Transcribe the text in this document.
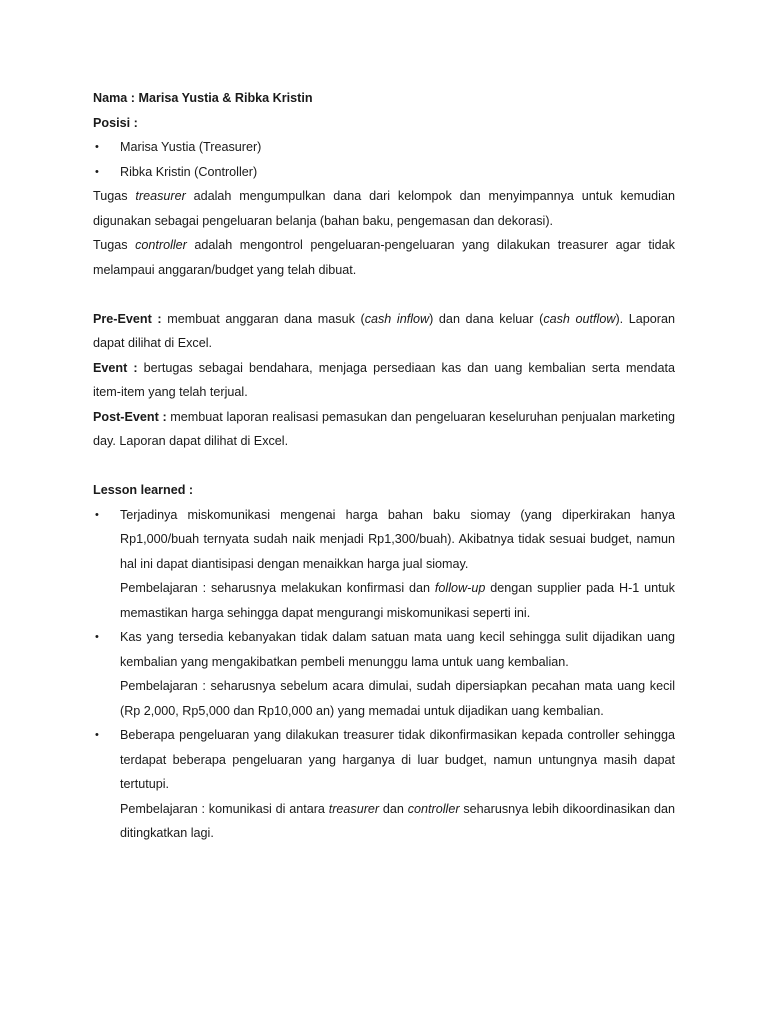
Nama : Marisa Yustia & Ribka Kristin

Posisi :

• Marisa Yustia (Treasurer)
• Ribka Kristin (Controller)

Tugas treasurer adalah mengumpulkan dana dari kelompok dan menyimpannya untuk kemudian digunakan sebagai pengeluaran belanja (bahan baku, pengemasan dan dekorasi).

Tugas controller adalah mengontrol pengeluaran-pengeluaran yang dilakukan treasurer agar tidak melampaui anggaran/budget yang telah dibuat.

Pre-Event : membuat anggaran dana masuk (cash inflow) dan dana keluar (cash outflow). Laporan dapat dilihat di Excel.

Event : bertugas sebagai bendahara, menjaga persediaan kas dan uang kembalian serta mendata item-item yang telah terjual.

Post-Event : membuat laporan realisasi pemasukan dan pengeluaran keseluruhan penjualan marketing day. Laporan dapat dilihat di Excel.

Lesson learned :

• Terjadinya miskomunikasi mengenai harga bahan baku siomay (yang diperkirakan hanya Rp1,000/buah ternyata sudah naik menjadi Rp1,300/buah). Akibatnya tidak sesuai budget, namun hal ini dapat diantisipasi dengan menaikkan harga jual siomay.

Pembelajaran : seharusnya melakukan konfirmasi dan follow-up dengan supplier pada H-1 untuk memastikan harga sehingga dapat mengurangi miskomunikasi seperti ini.

• Kas yang tersedia kebanyakan tidak dalam satuan mata uang kecil sehingga sulit dijadikan uang kembalian yang mengakibatkan pembeli menunggu lama untuk uang kembalian.

Pembelajaran : seharusnya sebelum acara dimulai, sudah dipersiapkan pecahan mata uang kecil (Rp 2,000, Rp5,000 dan Rp10,000 an) yang memadai untuk dijadikan uang kembalian.

• Beberapa pengeluaran yang dilakukan treasurer tidak dikonfirmasikan kepada controller sehingga terdapat beberapa pengeluaran yang harganya di luar budget, namun untungnya masih dapat tertutupi.

Pembelajaran : komunikasi di antara treasurer dan controller seharusnya lebih dikoordinasikan dan ditingkatkan lagi.
